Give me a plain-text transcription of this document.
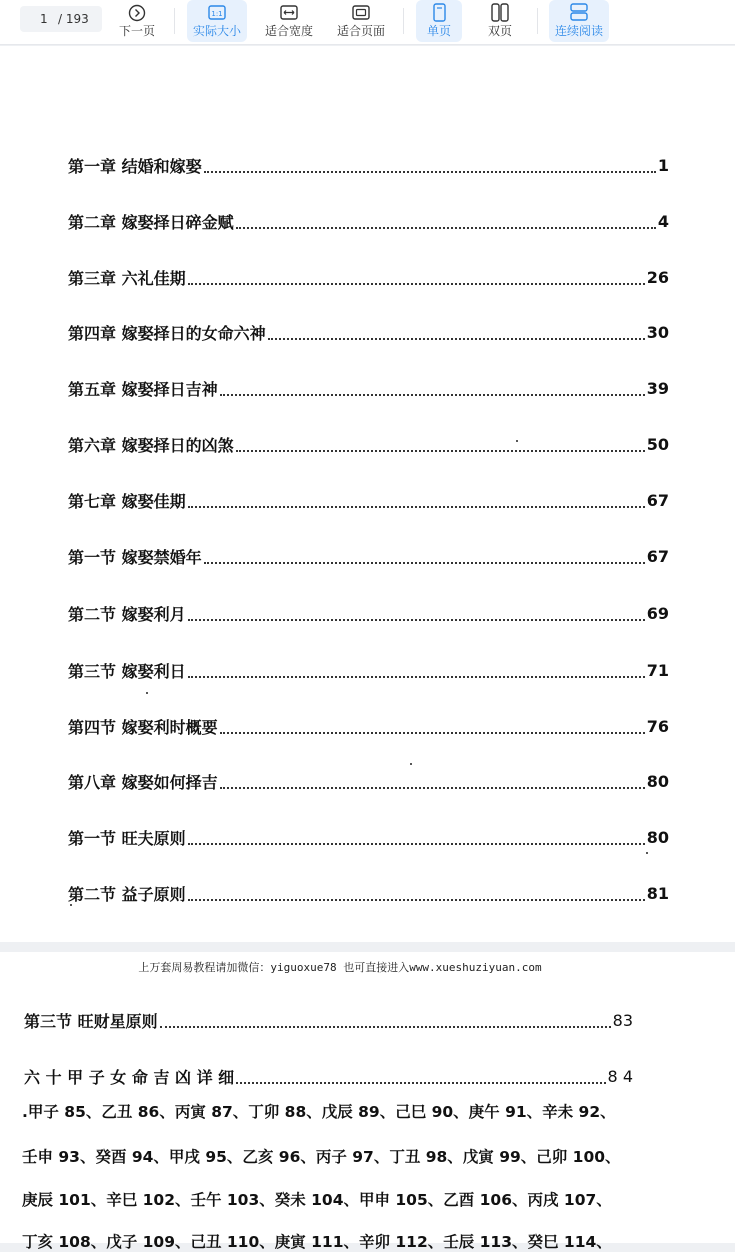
1 / 193
下一页
1:1
实际大小	适合宽度	适合页面	单页	双页	连续阅读
第一章 结婚和嫁娶	1
第二章 嫁娶择日碎金赋	4
第三章 六礼佳期	26
第四章 嫁娶择日的女命六神	30
第五章 嫁娶择日吉神	39
第六章 嫁娶择日的凶煞	50
第七章 嫁娶佳期	67
第一节 嫁娶禁婚年	67
第二节 嫁娶利月	69
第三节 嫁娶利日	71
第四节 嫁娶利时概要	76
第八章 嫁娶如何择吉	80
第一节 旺夫原则	80
第二节 益子原则	81
上万套周易教程请加微信：yiguoxue78 也可直接进入www.xueshuziyuan.com
第三节 旺财星原则	83
六 十 甲 子 女 命 吉 凶 详 细	8 4
.甲子 85、乙丑 86、丙寅 87、丁卯 88、戊辰 89、己巳 90、庚午 91、辛未 92、
壬申 93、癸酉 94、甲戌 95、乙亥 96、丙子 97、丁丑 98、戊寅 99、己卯 100、
庚辰 101、辛巳 102、壬午 103、癸未 104、甲申 105、乙酉 106、丙戌 107、
丁亥 108、戊子 109、己丑 110、庚寅 111、辛卯 112、壬辰 113、癸巳 114、
